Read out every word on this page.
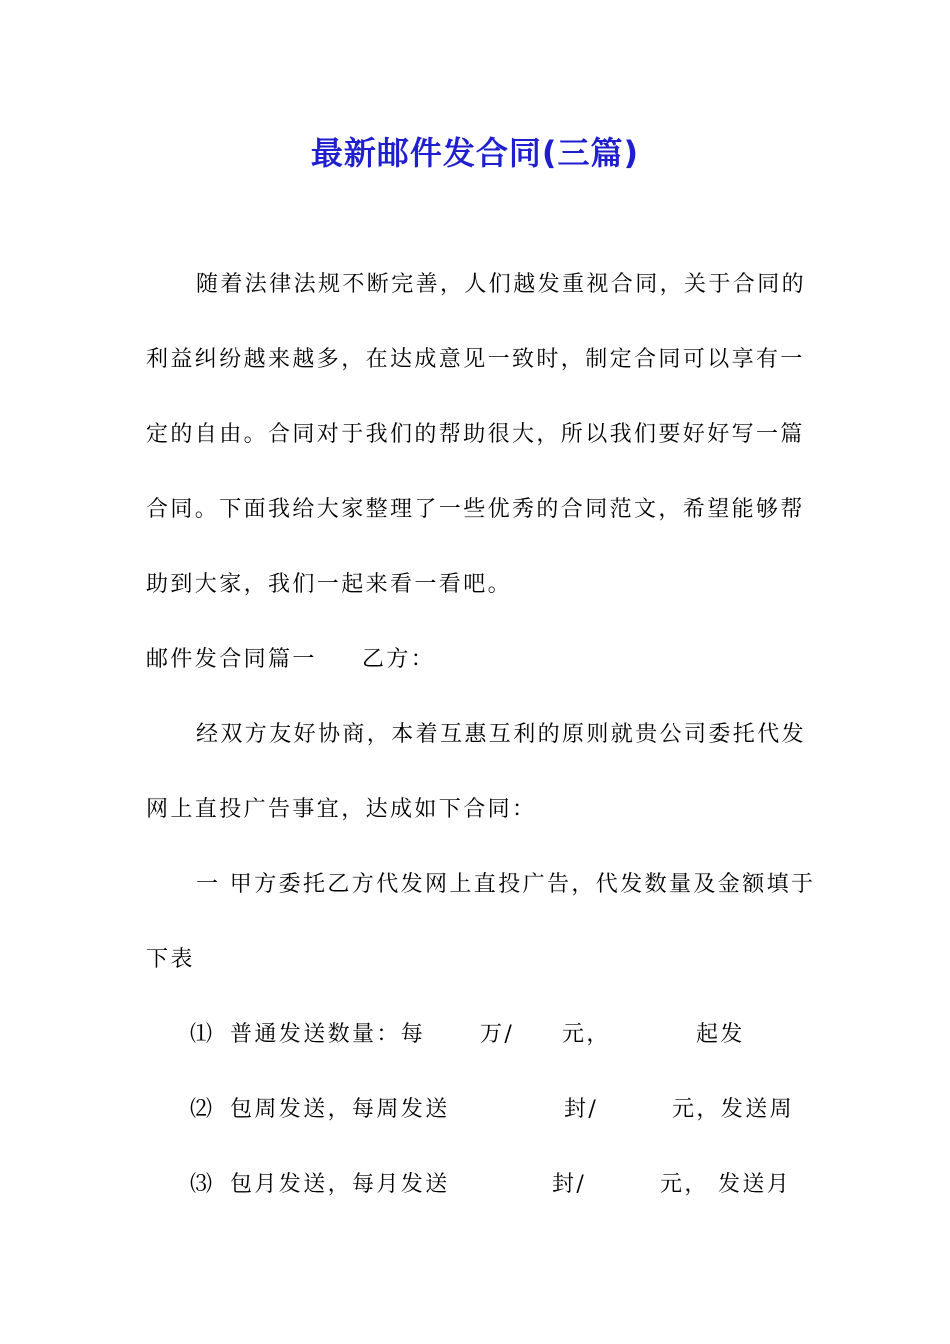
最新邮件发合同(三篇)
随着法律法规不断完善，人们越发重视合同，关于合同的
利益纠纷越来越多，在达成意见一致时，制定合同可以享有一
定的自由。合同对于我们的帮助很大，所以我们要好好写一篇
合同。下面我给大家整理了一些优秀的合同范文，希望能够帮
助到大家，我们一起来看一看吧。
邮件发合同篇一	乙方：
经双方友好协商，本着互惠互利的原则就贵公司委托代发
网上直投广告事宜，达成如下合同：
一 甲方委托乙方代发网上直投广告，代发数量及金额填于
下表
⑴ 普通发送数量：每 万/ 元，	起发
⑵ 包周发送，每周发送	封/	元，发送周
⑶ 包月发送，每月发送	封/	元， 发送月
